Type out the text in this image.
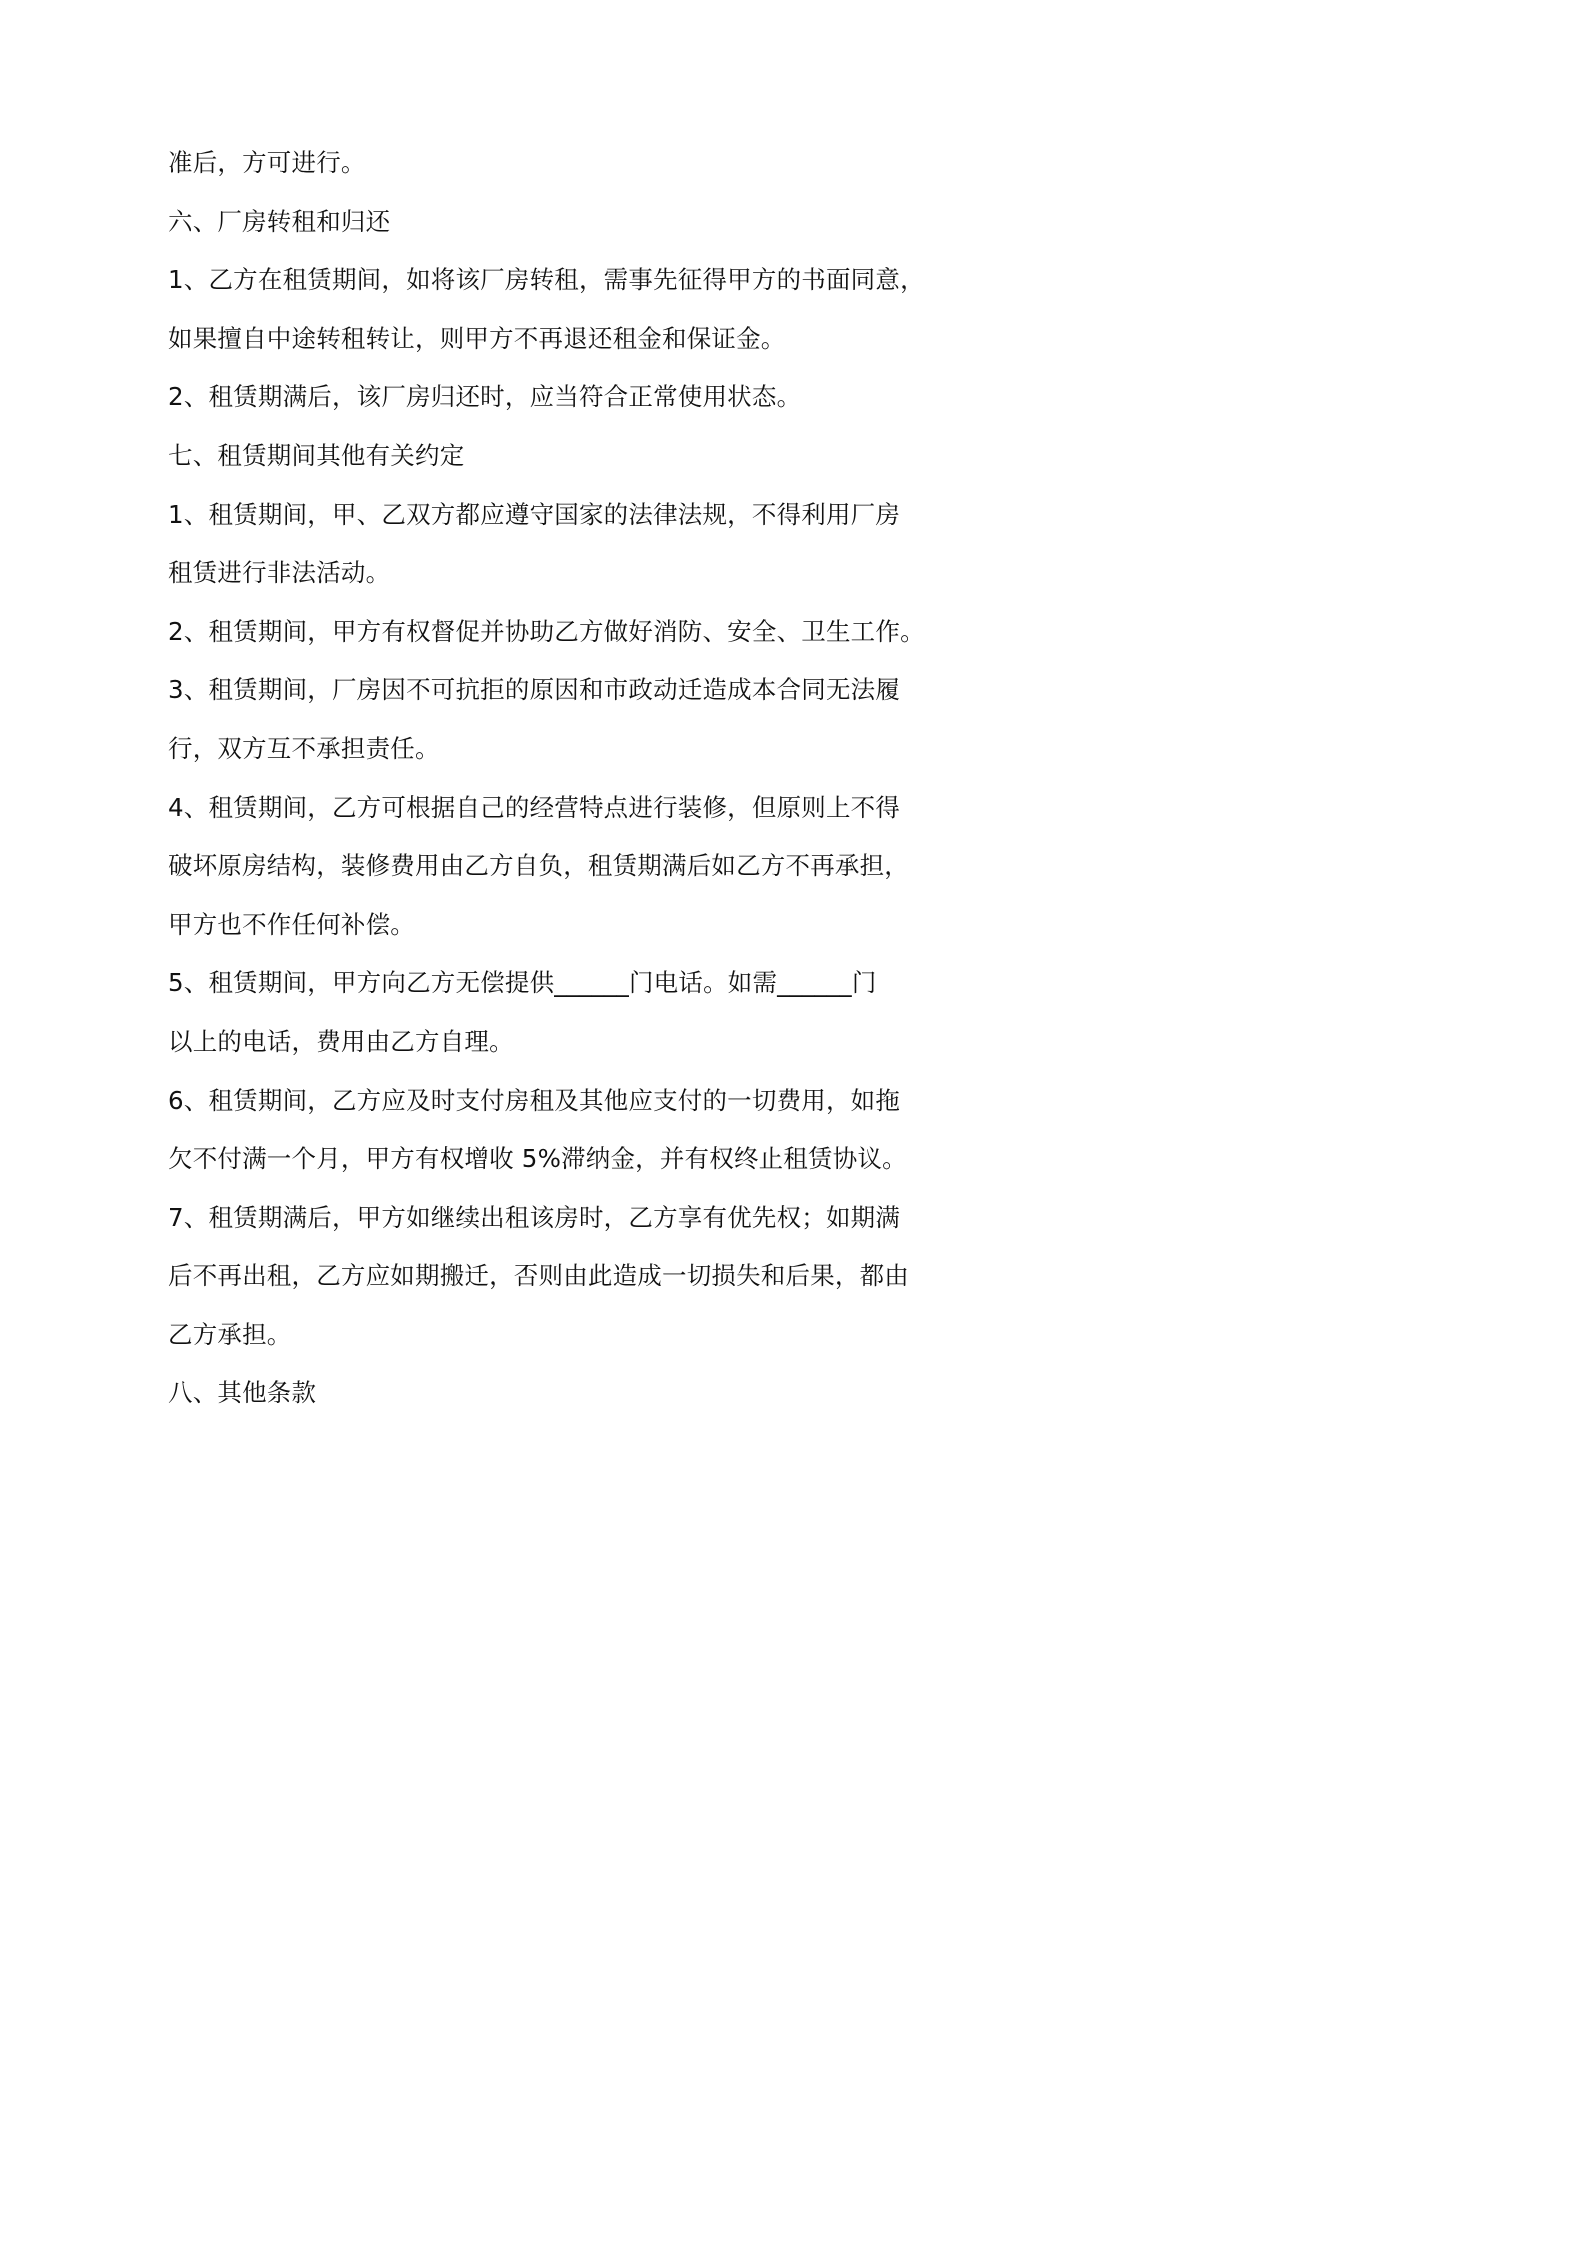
准后，方可进行。

六、厂房转租和归还

1、乙方在租赁期间，如将该厂房转租，需事先征得甲方的书面同意，

如果擅自中途转租转让，则甲方不再退还租金和保证金。

2、租赁期满后，该厂房归还时，应当符合正常使用状态。

七、租赁期间其他有关约定

1、租赁期间，甲、乙双方都应遵守国家的法律法规，不得利用厂房

租赁进行非法活动。

2、租赁期间，甲方有权督促并协助乙方做好消防、安全、卫生工作。

3、租赁期间，厂房因不可抗拒的原因和市政动迁造成本合同无法履

行，双方互不承担责任。

4、租赁期间，乙方可根据自己的经营特点进行装修，但原则上不得

破坏原房结构，装修费用由乙方自负，租赁期满后如乙方不再承担，

甲方也不作任何补偿。

5、租赁期间，甲方向乙方无偿提供______门电话。如需______门

以上的电话，费用由乙方自理。

6、租赁期间，乙方应及时支付房租及其他应支付的一切费用，如拖

欠不付满一个月，甲方有权增收 5%滞纳金，并有权终止租赁协议。

7、租赁期满后，甲方如继续出租该房时，乙方享有优先权；如期满

后不再出租，乙方应如期搬迁，否则由此造成一切损失和后果，都由

乙方承担。

八、其他条款
